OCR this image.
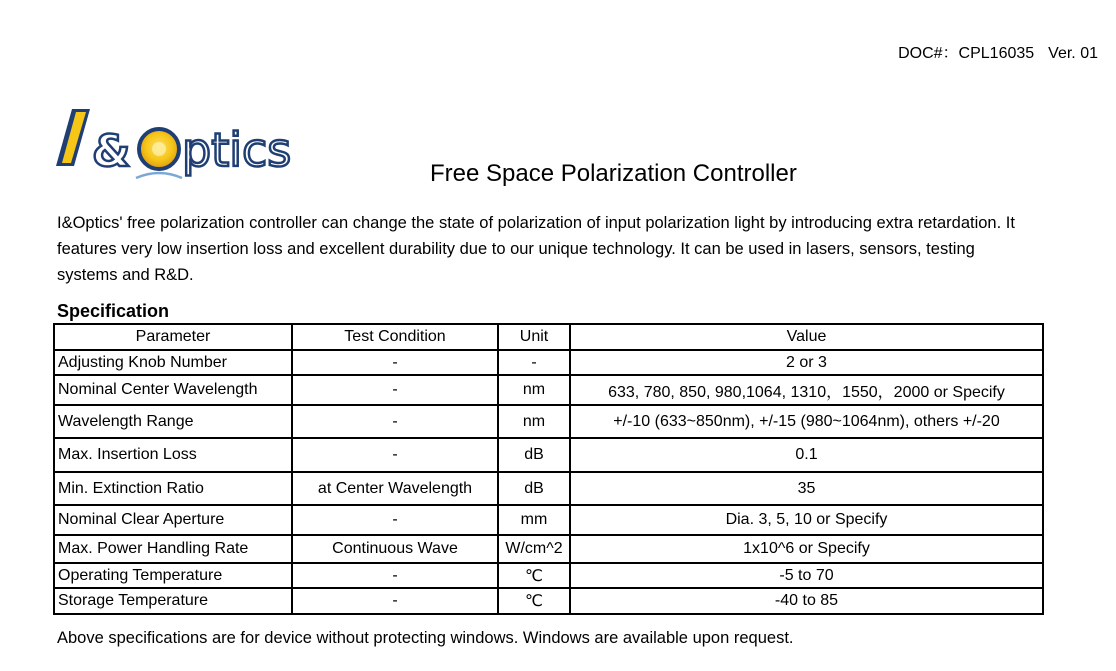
DOC#：CPL16035 Ver. 01
& ptics	Free Space Polarization Controller

I&Optics' free polarization controller can change the state of polarization of input polarization light by introducing extra retardation. It features very low insertion loss and excellent durability due to our unique technology. It can be used in lasers, sensors, testing systems and R&D.

Specification
Parameter	Test Condition	Unit	Value
Adjusting Knob Number	-	-	2 or 3
Nominal Center Wavelength	-	nm	633, 780, 850, 980,1064, 1310，1550，2000 or Specify
Wavelength Range	-	nm	+/-10 (633~850nm), +/-15 (980~1064nm), others +/-20
Max. Insertion Loss	-	dB	0.1
Min. Extinction Ratio	at Center Wavelength	dB	35
Nominal Clear Aperture	-	mm	Dia. 3, 5, 10 or Specify
Max. Power Handling Rate	Continuous Wave	W/cm^2	1x10^6 or Specify
Operating Temperature	-	℃	-5 to 70
Storage Temperature	-	℃	-40 to 85
Above specifications are for device without protecting windows. Windows are available upon request.
